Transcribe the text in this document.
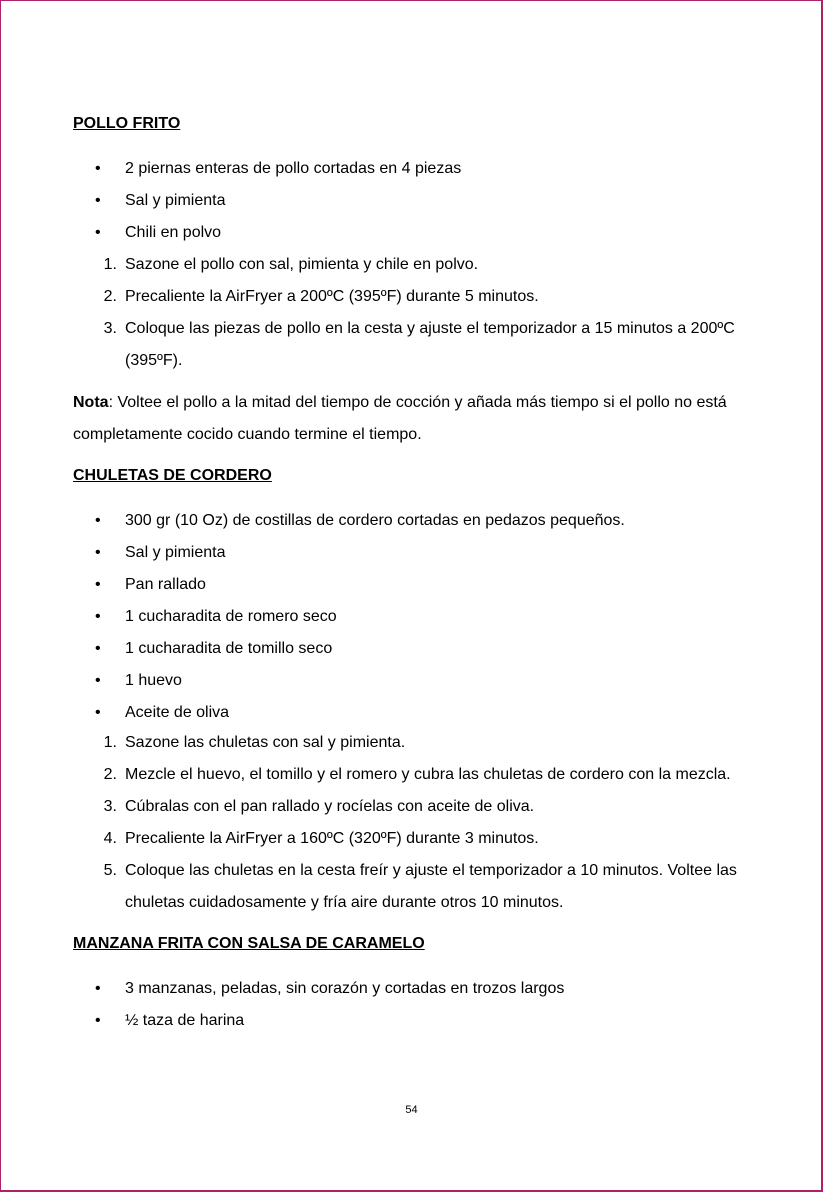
POLLO FRITO
• 2 piernas enteras de pollo cortadas en 4 piezas
• Sal y pimienta
• Chili en polvo
1. Sazone el pollo con sal, pimienta y chile en polvo.
2. Precaliente la AirFryer a 200ºC (395ºF) durante 5 minutos.
3. Coloque las piezas de pollo en la cesta y ajuste el temporizador a 15 minutos a 200ºC (395ºF).

Nota: Voltee el pollo a la mitad del tiempo de cocción y añada más tiempo si el pollo no está completamente cocido cuando termine el tiempo.

CHULETAS DE CORDERO
• 300 gr (10 Oz) de costillas de cordero cortadas en pedazos pequeños.
• Sal y pimienta
• Pan rallado
• 1 cucharadita de romero seco
• 1 cucharadita de tomillo seco
• 1 huevo
• Aceite de oliva
1. Sazone las chuletas con sal y pimienta.
2. Mezcle el huevo, el tomillo y el romero y cubra las chuletas de cordero con la mezcla.
3. Cúbralas con el pan rallado y rocíelas con aceite de oliva.
4. Precaliente la AirFryer a 160ºC (320ºF) durante 3 minutos.
5. Coloque las chuletas en la cesta freír y ajuste el temporizador a 10 minutos. Voltee las chuletas cuidadosamente y fría aire durante otros 10 minutos.
MANZANA FRITA CON SALSA DE CARAMELO
• 3 manzanas, peladas, sin corazón y cortadas en trozos largos
• ½ taza de harina
54
